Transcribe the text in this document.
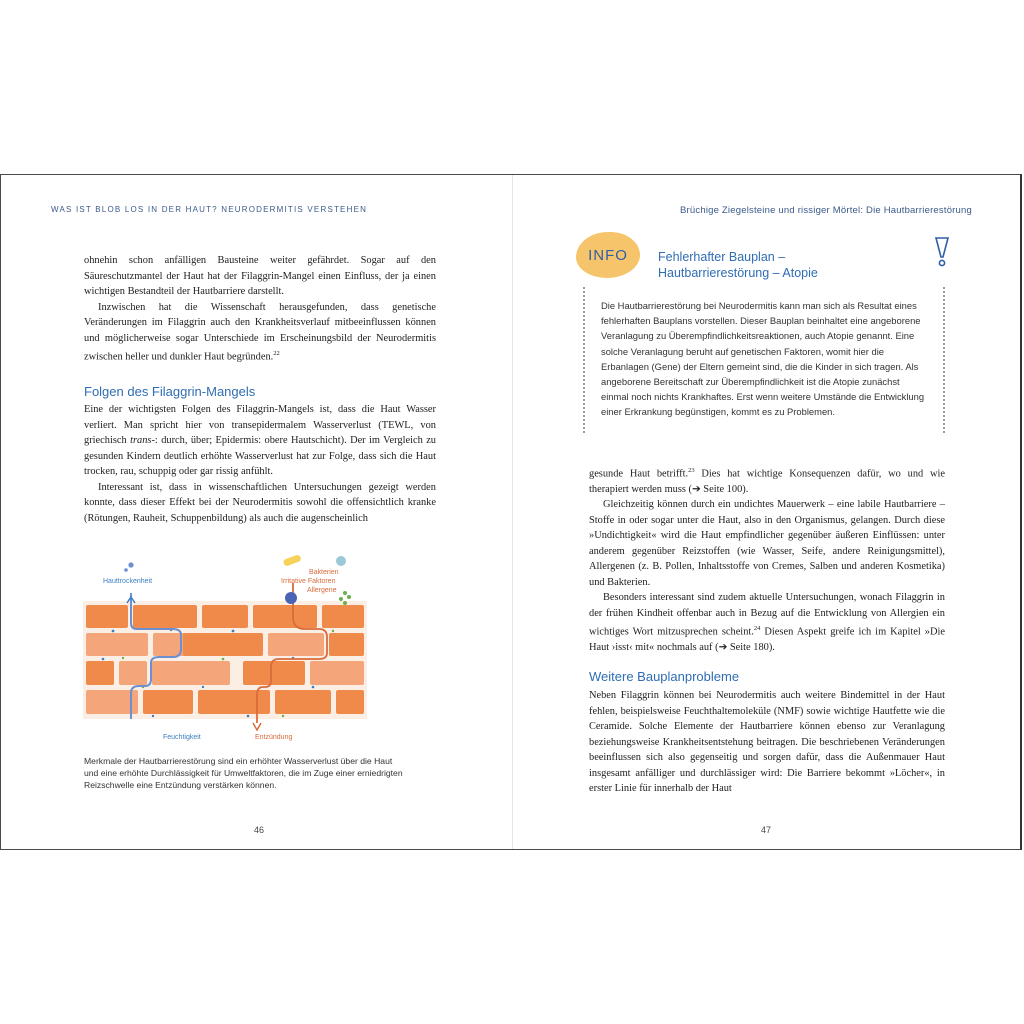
WAS IST BLOB LOS IN DER HAUT? NEURODERMITIS VERSTEHEN

ohnehin schon anfälligen Bausteine weiter gefährdet. Sogar auf den Säureschutzmantel der Haut hat der Filaggrin-Mangel einen Einfluss, der ja einen wichtigen Bestandteil der Hautbarriere darstellt.

Inzwischen hat die Wissenschaft herausgefunden, dass genetische Veränderungen im Filaggrin auch den Krankheitsverlauf mitbeeinflussen können und möglicherweise sogar Unterschiede im Erscheinungsbild der Neurodermitis zwischen heller und dunkler Haut begründen.$^{22}$

Folgen des Filaggrin-Mangels

Eine der wichtigsten Folgen des Filaggrin-Mangels ist, dass die Haut Wasser verliert. Man spricht hier von transepidermalem Wasserverlust (TEWL, von griechisch trans-: durch, über; Epidermis: obere Hautschicht). Der im Vergleich zu gesunden Kindern deutlich erhöhte Wasserverlust hat zur Folge, dass sich die Haut trocken, rau, schuppig oder gar rissig anfühlt.

Interessant ist, dass in wissenschaftlichen Untersuchungen gezeigt werden konnte, dass dieser Effekt bei der Neurodermitis sowohl die offensichtlich kranke (Rötungen, Rauheit, Schuppenbildung) als auch die augenscheinlich

Hauttrockenheit
Bakterien
Irritative Faktoren
Allergene
Feuchtigkeit	Entzündung
Merkmale der Hautbarrierestörung sind ein erhöhter Wasserverlust über die Haut und eine erhöhte Durchlässigkeit für Umweltfaktoren, die im Zuge einer erniedrigten Reizschwelle eine Entzündung verstärken können.
46
Brüchige Ziegelsteine und rissiger Mörtel: Die Hautbarrierestörung
INFO	Fehlerhafter Bauplan –
Hautbarrierestörung – Atopie

Die Hautbarrierestörung bei Neurodermitis kann man sich als Resultat eines fehlerhaften Bauplans vorstellen. Dieser Bauplan beinhaltet eine angeborene Veranlagung zu Überempfindlichkeitsreaktionen, auch Atopie genannt. Eine solche Veranlagung beruht auf genetischen Faktoren, womit hier die Erbanlagen (Gene) der Eltern gemeint sind, die die Kinder in sich tragen. Als angeborene Bereitschaft zur Überempfindlichkeit ist die Atopie zunächst einmal noch nichts Krankhaftes. Erst wenn weitere Umstände die Entwicklung einer Erkrankung begünstigen, kommt es zu Problemen.

gesunde Haut betrifft.$^{23}$ Dies hat wichtige Konsequenzen dafür, wo und wie therapiert werden muss (➔ Seite 100).

Gleichzeitig können durch ein undichtes Mauerwerk – eine labile Hautbarriere – Stoffe in oder sogar unter die Haut, also in den Organismus, gelangen. Durch diese »Undichtigkeit« wird die Haut empfindlicher gegenüber äußeren Einflüssen: unter anderem gegenüber Reizstoffen (wie Wasser, Seife, andere Reinigungsmittel), Allergenen (z. B. Pollen, Inhaltsstoffe von Cremes, Salben und anderen Kosmetika) und Bakterien.

Besonders interessant sind zudem aktuelle Untersuchungen, wonach Filaggrin in der frühen Kindheit offenbar auch in Bezug auf die Entwicklung von Allergien ein wichtiges Wort mitzusprechen scheint.$^{24}$ Diesen Aspekt greife ich im Kapitel »Die Haut ›isst‹ mit« nochmals auf (➔ Seite 180).

Weitere Bauplanprobleme

Neben Filaggrin können bei Neurodermitis auch weitere Bindemittel in der Haut fehlen, beispielsweise Feuchthaltemoleküle (NMF) sowie wichtige Hautfette wie die Ceramide. Solche Elemente der Hautbarriere können ebenso zur Veranlagung beziehungsweise Krankheitsentstehung beitragen. Die beschriebenen Veränderungen beeinflussen sich also gegenseitig und sorgen dafür, dass die Außenmauer Haut insgesamt anfälliger und durchlässiger wird: Die Barriere bekommt »Löcher«, in erster Linie für innerhalb der Haut

47
